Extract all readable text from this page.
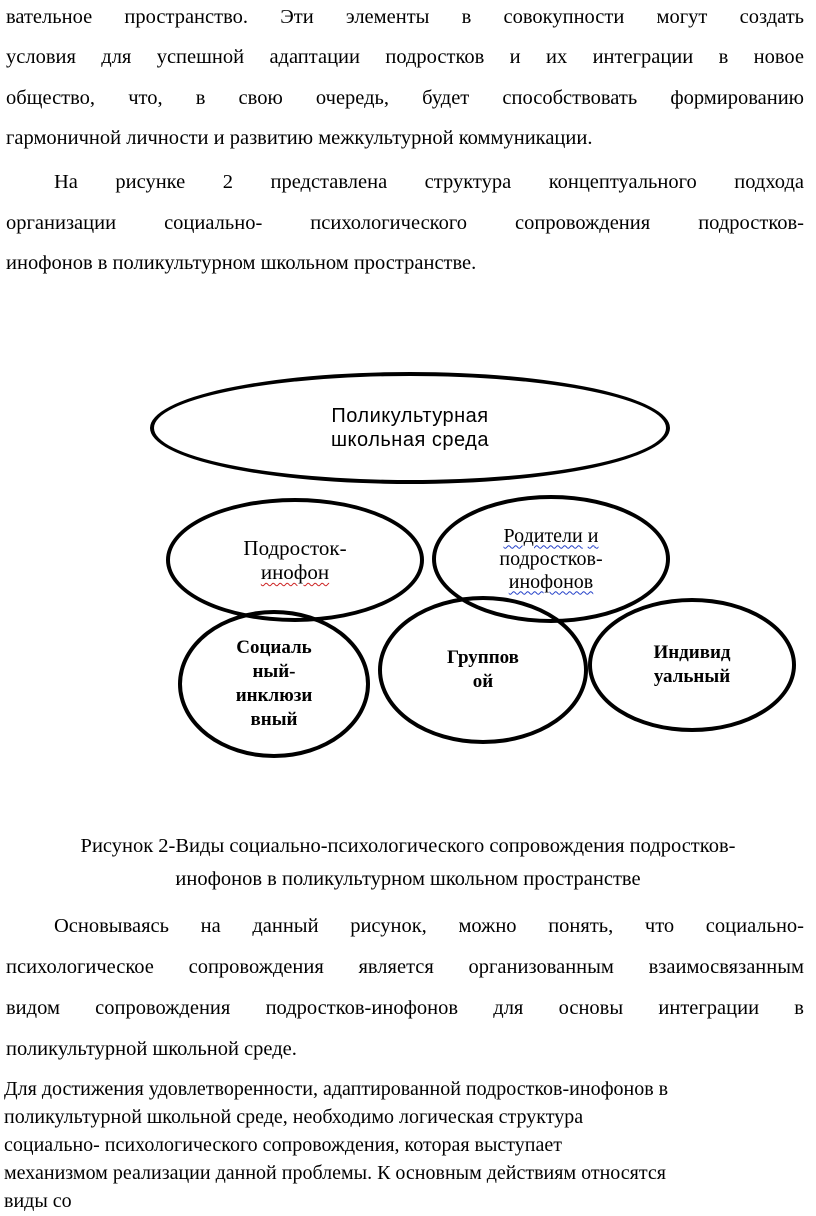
вательное пространство. Эти элементы в совокупности могут создать
условия для успешной адаптации подростков и их интеграции в новое
общество, что, в свою очередь, будет способствовать формированию
гармоничной личности и развитию межкультурной коммуникации.
На рисунке 2 представлена структура концептуального подхода
организации социально- психологического сопровождения подростков-
инофонов в поликультурном школьном пространстве.
Поликультурная
школьная среда
Подросток-
инофон
Родители и
подростков-
инофонов
Социаль
ный-
инклюзи
вный
Группов
ой
Индивид
уальный
Рисунок 2-Виды социально-психологического сопровождения подростков-
инофонов в поликультурном школьном пространстве
Основываясь на данный рисунок, можно понять, что социально-
психологическое сопровождения является организованным взаимосвязанным
видом сопровождения подростков-инофонов для основы интеграции в
поликультурной школьной среде.
Для достижения удовлетворенности, адаптированной подростков-инофонов в
поликультурной школьной среде, необходимо логическая структура
социально- психологического сопровождения, которая выступает
механизмом реализации данной проблемы. К основным действиям относятся
виды со
